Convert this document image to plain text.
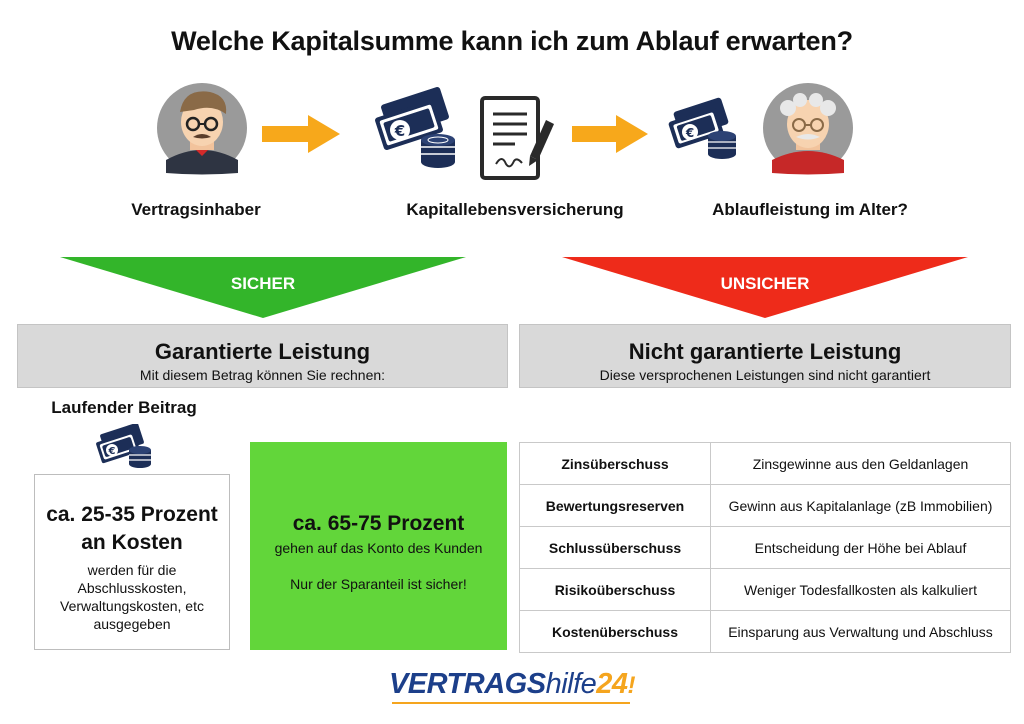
Welche Kapitalsumme kann ich zum Ablauf erwarten?
€	€
Vertragsinhaber	Kapitallebensversicherung	Ablaufleistung im Alter?
SICHER	UNSICHER
Garantierte Leistung
Mit diesem Betrag können Sie rechnen:
Nicht garantierte Leistung
Diese versprochenen Leistungen sind nicht garantiert
Laufender Beitrag
€
ca. 25-35 Prozent an Kosten
werden für die Abschlusskosten, Verwaltungskosten, etc ausgegeben
ca. 65-75 Prozent
gehen auf das Konto des Kunden
Nur der Sparanteil ist sicher!
Zinsüberschuss	Zinsgewinne aus den Geldanlagen
Bewertungsreserven	Gewinn aus Kapitalanlage (zB Immobilien)
Schlussüberschuss	Entscheidung der Höhe bei Ablauf
Risikoüberschuss	Weniger Todesfallkosten als kalkuliert
Kostenüberschuss	Einsparung aus Verwaltung und Abschluss
VERTRAGShilfe24!
